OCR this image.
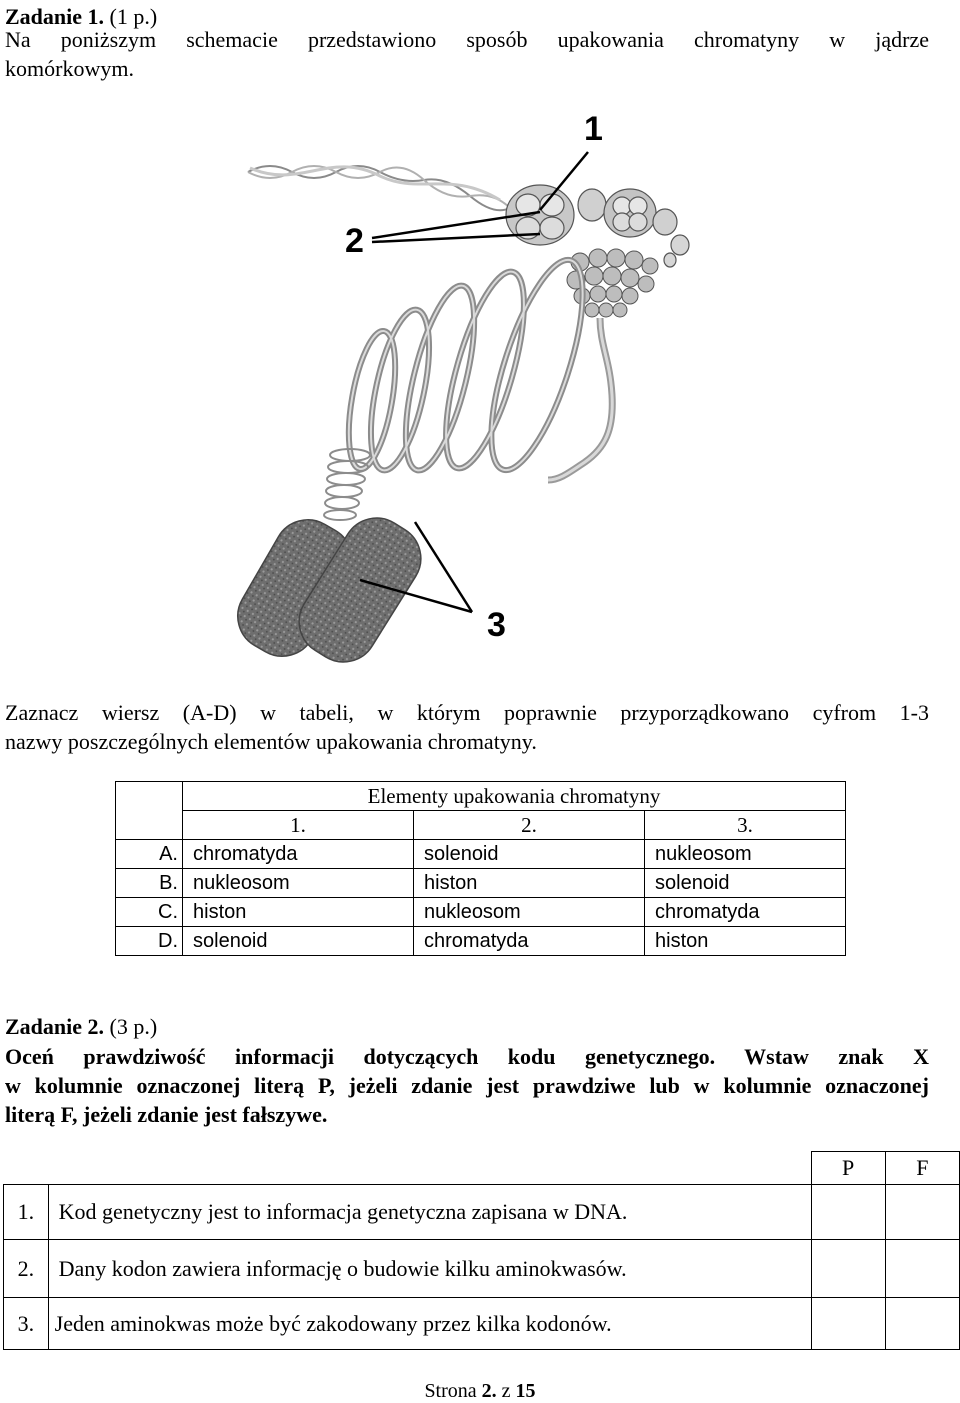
Zadanie 1. (1 p.)
Na poniższym schemacie przedstawiono sposób upakowania chromatyny w jądrze
komórkowym.
1
2
3
Zaznacz wiersz (A-D) w tabeli, w którym poprawnie przyporządkowano cyfrom 1-3
nazwy poszczególnych elementów upakowania chromatyny.
	Elementy upakowania chromatyny		
	1.	2.	3.
A.	chromatyda	solenoid	nukleosom
B.	nukleosom	histon	solenoid
C.	histon	nukleosom	chromatyda
D.	solenoid	chromatyda	histon
Zadanie 2. (3 p.)
Oceń prawdziwość informacji dotyczących kodu genetycznego. Wstaw znak X
w kolumnie oznaczonej literą P, jeżeli zdanie jest prawdziwe lub w kolumnie oznaczonej
literą F, jeżeli zdanie jest fałszywe.
		P	F
1.	Kod genetyczny jest to informacja genetyczna zapisana w DNA.		
2.	Dany kodon zawiera informację o budowie kilku aminokwasów.		
3.	Jeden aminokwas może być zakodowany przez kilka kodonów.		
Strona 2. z 15
